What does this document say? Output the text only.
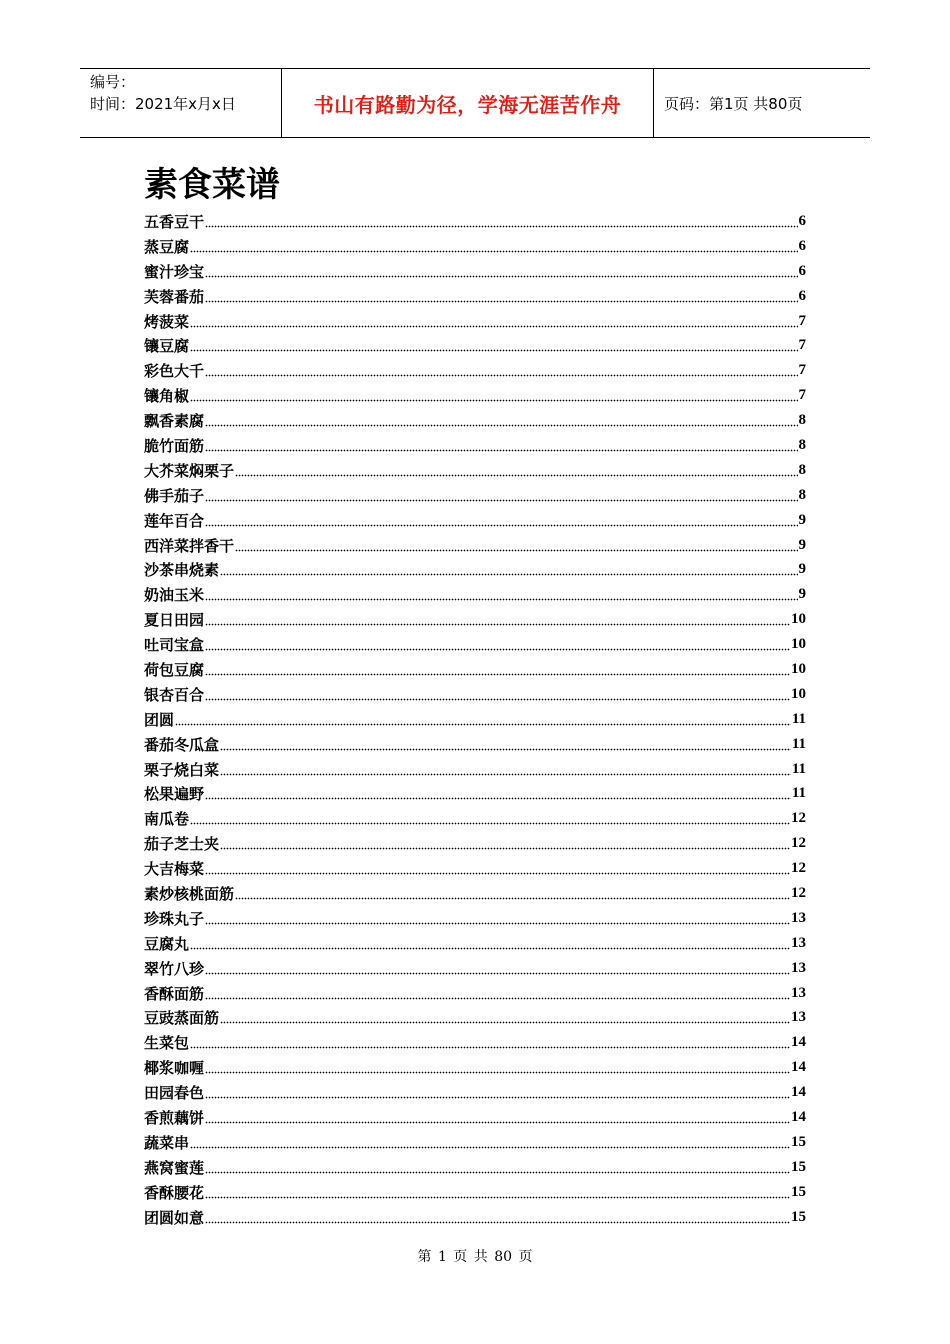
编号：
时间：2021年x月x日	书山有路勤为径，学海无涯苦作舟	页码：第1页 共80页
素食菜谱
五香豆干	6
蒸豆腐	6
蜜汁珍宝	6
芙蓉番茄	6
烤菠菜	7
镶豆腐	7
彩色大千	7
镶角椒	7
飘香素腐	8
脆竹面筋	8
大芥菜焖栗子	8
佛手茄子	8
莲年百合	9
西洋菜拌香干	9
沙茶串烧素	9
奶油玉米	9
夏日田园	10
吐司宝盒	10
荷包豆腐	10
银杏百合	10
团圆	11
番茄冬瓜盒	11
栗子烧白菜	11
松果遍野	11
南瓜卷	12
茄子芝士夹	12
大吉梅菜	12
素炒核桃面筋	12
珍珠丸子	13
豆腐丸	13
翠竹八珍	13
香酥面筋	13
豆豉蒸面筋	13
生菜包	14
椰浆咖喱	14
田园春色	14
香煎藕饼	14
蔬菜串	15
燕窝蜜莲	15
香酥腰花	15
团圆如意	15
第 1 页 共 80 页
